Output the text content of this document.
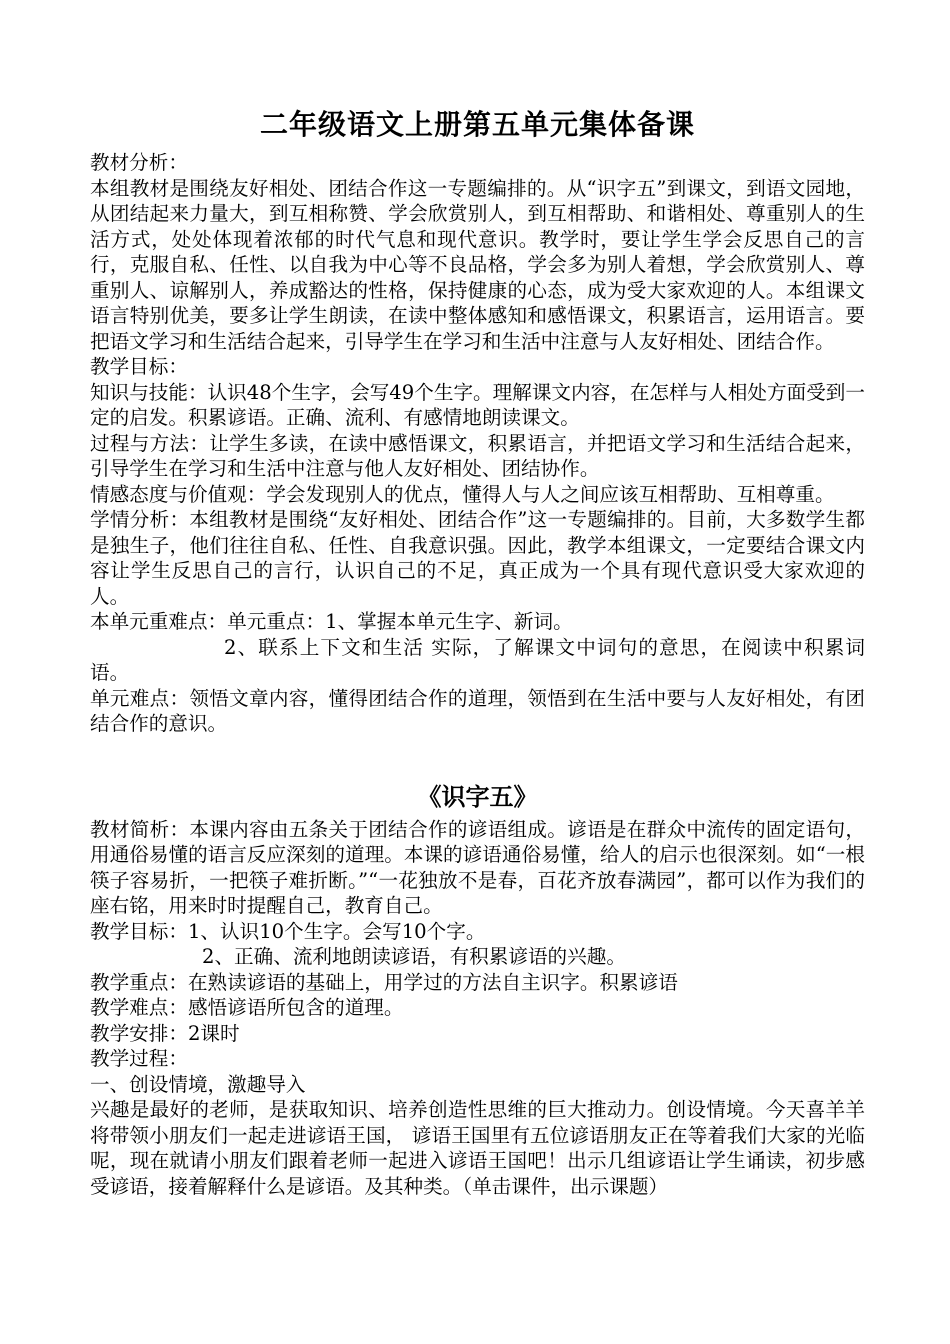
二年级语文上册第五单元集体备课

教材分析：

本组教材是围绕友好相处、团结合作这一专题编排的。从“识字五”到课文，到语文园地，从团结起来力量大，到互相称赞、学会欣赏别人，到互相帮助、和谐相处、尊重别人的生活方式，处处体现着浓郁的时代气息和现代意识。教学时，要让学生学会反思自己的言行，克服自私、任性、以自我为中心等不良品格，学会多为别人着想，学会欣赏别人、尊重别人、谅解别人，养成豁达的性格，保持健康的心态，成为受大家欢迎的人。本组课文语言特别优美，要多让学生朗读，在读中整体感知和感悟课文，积累语言，运用语言。要把语文学习和生活结合起来，引导学生在学习和生活中注意与人友好相处、团结合作。

教学目标：

知识与技能：认识48个生字，会写49个生字。理解课文内容，在怎样与人相处方面受到一定的启发。积累谚语。正确、流利、有感情地朗读课文。

过程与方法：让学生多读，在读中感悟课文，积累语言，并把语文学习和生活结合起来，引导学生在学习和生活中注意与他人友好相处、团结协作。

情感态度与价值观：学会发现别人的优点，懂得人与人之间应该互相帮助、互相尊重。

学情分析：本组教材是围绕“友好相处、团结合作”这一专题编排的。目前，大多数学生都是独生子，他们往往自私、任性、自我意识强。因此，教学本组课文，一定要结合课文内容让学生反思自己的言行，认识自己的不足，真正成为一个具有现代意识受大家欢迎的人。

本单元重难点：单元重点：1、掌握本单元生字、新词。

2、联系上下文和生活 实际，了解课文中词句的意思，在阅读中积累词语。

单元难点：领悟文章内容，懂得团结合作的道理，领悟到在生活中要与人友好相处，有团结合作的意识。

《识字五》

教材简析：本课内容由五条关于团结合作的谚语组成。谚语是在群众中流传的固定语句，用通俗易懂的语言反应深刻的道理。本课的谚语通俗易懂，给人的启示也很深刻。如“一根筷子容易折，一把筷子难折断。”“一花独放不是春，百花齐放春满园”，都可以作为我们的座右铭，用来时时提醒自己，教育自己。

教学目标：1、认识10个生字。会写10个字。

2、正确、流利地朗读谚语，有积累谚语的兴趣。

教学重点：在熟读谚语的基础上，用学过的方法自主识字。积累谚语

教学难点：感悟谚语所包含的道理。

教学安排：2课时

教学过程：

一、创设情境，激趣导入

兴趣是最好的老师，是获取知识、培养创造性思维的巨大推动力。创设情境。今天喜羊羊将带领小朋友们一起走进谚语王国， 谚语王国里有五位谚语朋友正在等着我们大家的光临呢，现在就请小朋友们跟着老师一起进入谚语王国吧！出示几组谚语让学生诵读，初步感受谚语，接着解释什么是谚语。及其种类。（单击课件，出示课题）
